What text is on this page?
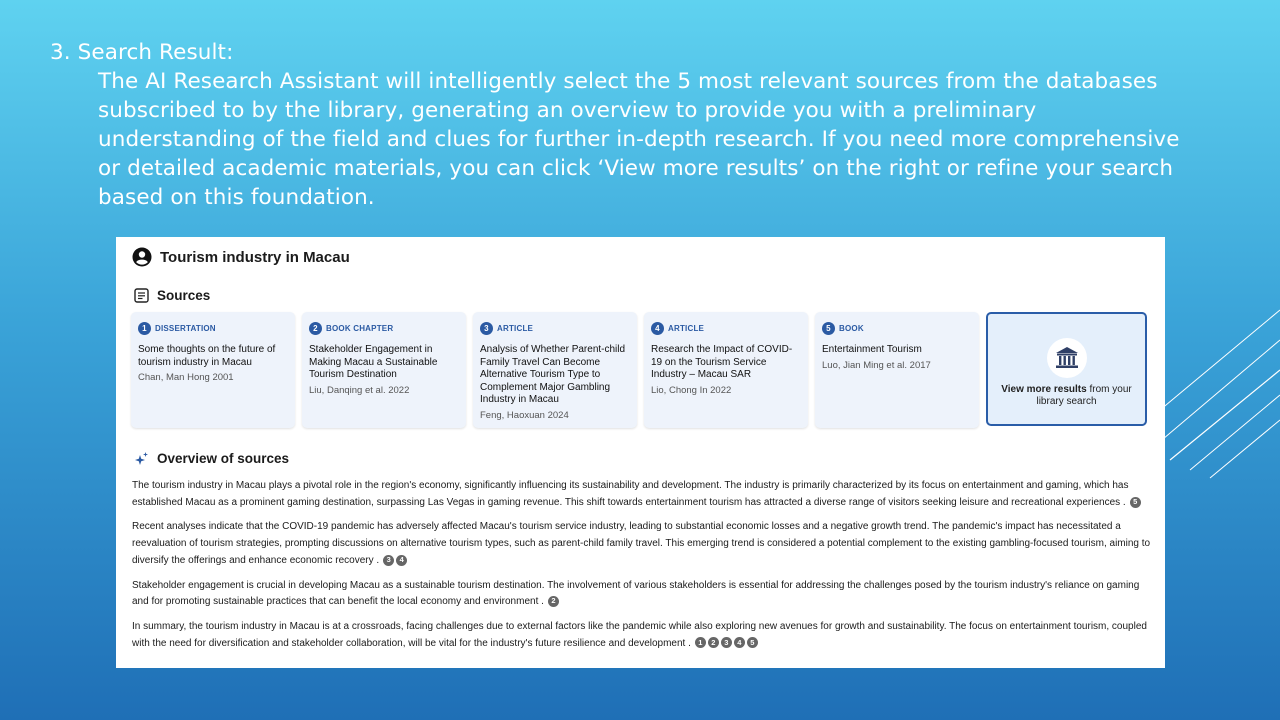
3. Search Result:
The AI Research Assistant will intelligently select the 5 most relevant sources from the databases subscribed to by the library, generating an overview to provide you with a preliminary understanding of the field and clues for further in-depth research. If you need more comprehensive or detailed academic materials, you can click ‘View more results’ on the right or refine your search based on this foundation.
Tourism industry in Macau
Sources
1	DISSERTATION
Some thoughts on the future of tourism industry in Macau
Chan, Man Hong 2001
2	BOOK CHAPTER
Stakeholder Engagement in Making Macau a Sustainable Tourism Destination
Liu, Danqing et al. 2022
3	ARTICLE
Analysis of Whether Parent-child Family Travel Can Become Alternative Tourism Type to Complement Major Gambling Industry in Macau
Feng, Haoxuan 2024
4	ARTICLE
Research the Impact of COVID-19 on the Tourism Service Industry – Macau SAR
Lio, Chong In 2022
5	BOOK
Entertainment Tourism
Luo, Jian Ming et al. 2017
View more results from your library search
Overview of sources

The tourism industry in Macau plays a pivotal role in the region's economy, significantly influencing its sustainability and development. The industry is primarily characterized by its focus on entertainment and gaming, which has established Macau as a prominent gaming destination, surpassing Las Vegas in gaming revenue. This shift towards entertainment tourism has attracted a diverse range of visitors seeking leisure and recreational experiences . 5

Recent analyses indicate that the COVID-19 pandemic has adversely affected Macau's tourism service industry, leading to substantial economic losses and a negative growth trend. The pandemic's impact has necessitated a reevaluation of tourism strategies, prompting discussions on alternative tourism types, such as parent-child family travel. This emerging trend is considered a potential complement to the existing gambling-focused tourism, aiming to diversify the offerings and enhance economic recovery . 3	4

Stakeholder engagement is crucial in developing Macau as a sustainable tourism destination. The involvement of various stakeholders is essential for addressing the challenges posed by the tourism industry's reliance on gaming and for promoting sustainable practices that can benefit the local economy and environment . 2

In summary, the tourism industry in Macau is at a crossroads, facing challenges due to external factors like the pandemic while also exploring new avenues for growth and sustainability. The focus on entertainment tourism, coupled with the need for diversification and stakeholder collaboration, will be vital for the industry's future resilience and development . 1	2	3	4	5
